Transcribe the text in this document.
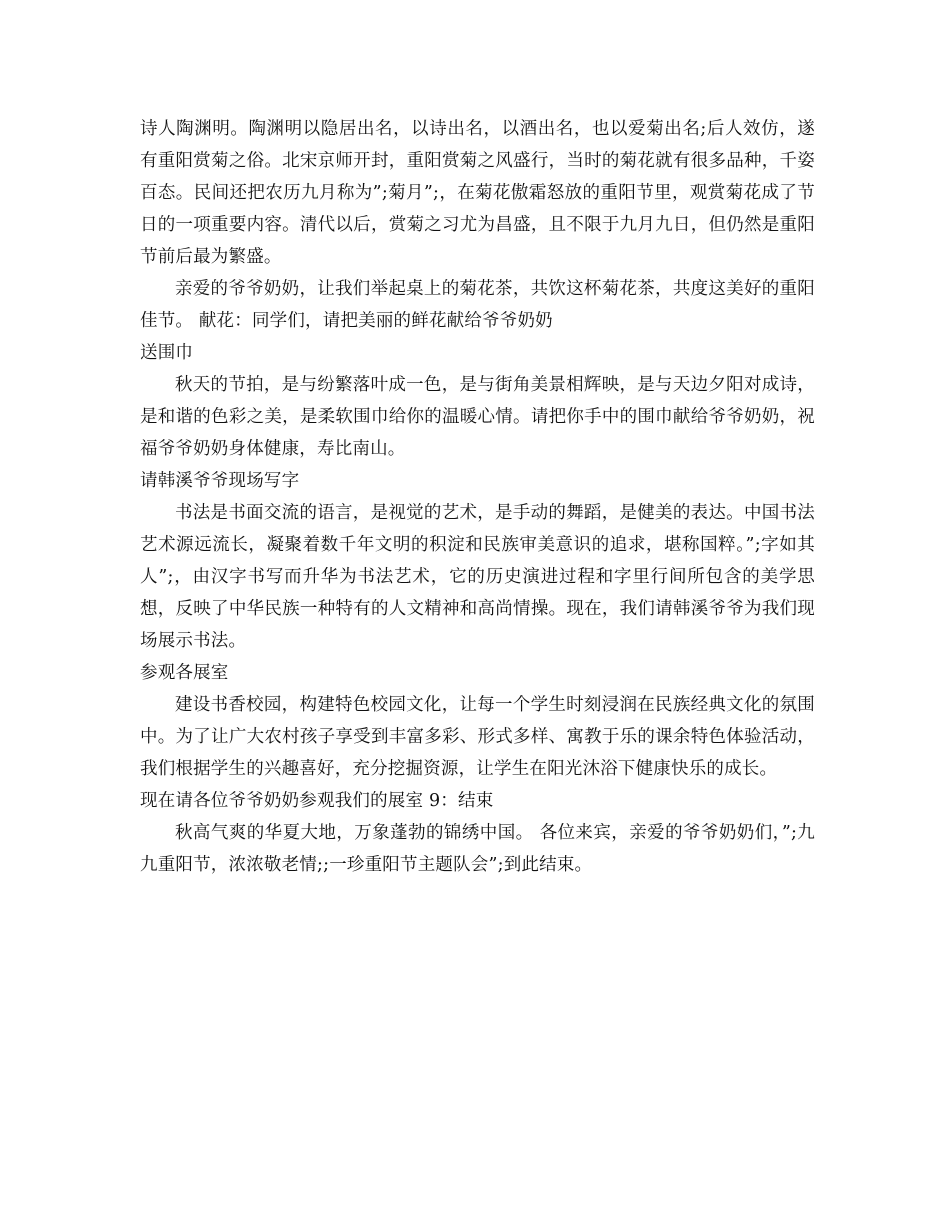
诗人陶渊明。陶渊明以隐居出名，以诗出名，以酒出名，也以爱菊出名;后人效仿，遂有重阳赏菊之俗。北宋京师开封，重阳赏菊之风盛行，当时的菊花就有很多品种，千姿百态。民间还把农历九月称为”;菊月”;，在菊花傲霜怒放的重阳节里，观赏菊花成了节日的一项重要内容。清代以后，赏菊之习尤为昌盛，且不限于九月九日，但仍然是重阳节前后最为繁盛。

亲爱的爷爷奶奶，让我们举起桌上的菊花茶，共饮这杯菊花茶，共度这美好的重阳佳节。 献花：同学们，请把美丽的鲜花献给爷爷奶奶

送围巾

秋天的节拍，是与纷繁落叶成一色，是与街角美景相辉映，是与天边夕阳对成诗，是和谐的色彩之美，是柔软围巾给你的温暖心情。请把你手中的围巾献给爷爷奶奶，祝福爷爷奶奶身体健康，寿比南山。

请韩溪爷爷现场写字

书法是书面交流的语言，是视觉的艺术，是手动的舞蹈，是健美的表达。中国书法艺术源远流长，凝聚着数千年文明的积淀和民族审美意识的追求，堪称国粹。”;字如其人”;，由汉字书写而升华为书法艺术，它的历史演进过程和字里行间所包含的美学思想，反映了中华民族一种特有的人文精神和高尚情操。现在，我们请韩溪爷爷为我们现场展示书法。

参观各展室

建设书香校园，构建特色校园文化，让每一个学生时刻浸润在民族经典文化的氛围中。为了让广大农村孩子享受到丰富多彩、形式多样、寓教于乐的课余特色体验活动，我们根据学生的兴趣喜好，充分挖掘资源，让学生在阳光沐浴下健康快乐的成长。

现在请各位爷爷奶奶参观我们的展室 9：结束

秋高气爽的华夏大地，万象蓬勃的锦绣中国。 各位来宾，亲爱的爷爷奶奶们，”;九九重阳节，浓浓敬老情;;一珍重阳节主题队会”;到此结束。
